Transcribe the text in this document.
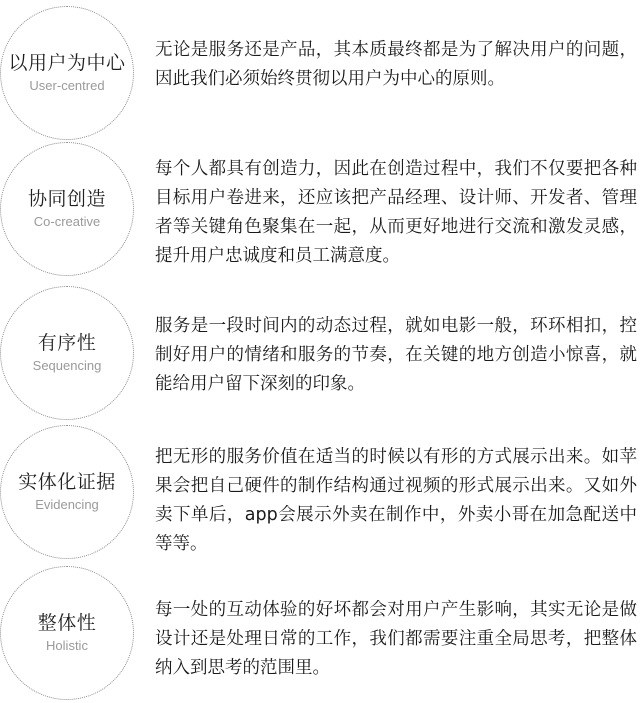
以用户为中心
User-centred

无论是服务还是产品，其本质最终都是为了解决用户的问题，因此我们必须始终贯彻以用户为中心的原则。

协同创造
Co-creative

每个人都具有创造力，因此在创造过程中，我们不仅要把各种目标用户卷进来，还应该把产品经理、设计师、开发者、管理者等关键角色聚集在一起，从而更好地进行交流和激发灵感，提升用户忠诚度和员工满意度。

有序性
Sequencing

服务是一段时间内的动态过程，就如电影一般，环环相扣，控制好用户的情绪和服务的节奏，在关键的地方创造小惊喜，就能给用户留下深刻的印象。

实体化证据
Evidencing

把无形的服务价值在适当的时候以有形的方式展示出来。如苹果会把自己硬件的制作结构通过视频的形式展示出来。又如外卖下单后，app会展示外卖在制作中，外卖小哥在加急配送中等等。

整体性
Holistic

每一处的互动体验的好坏都会对用户产生影响，其实无论是做设计还是处理日常的工作，我们都需要注重全局思考，把整体纳入到思考的范围里。
